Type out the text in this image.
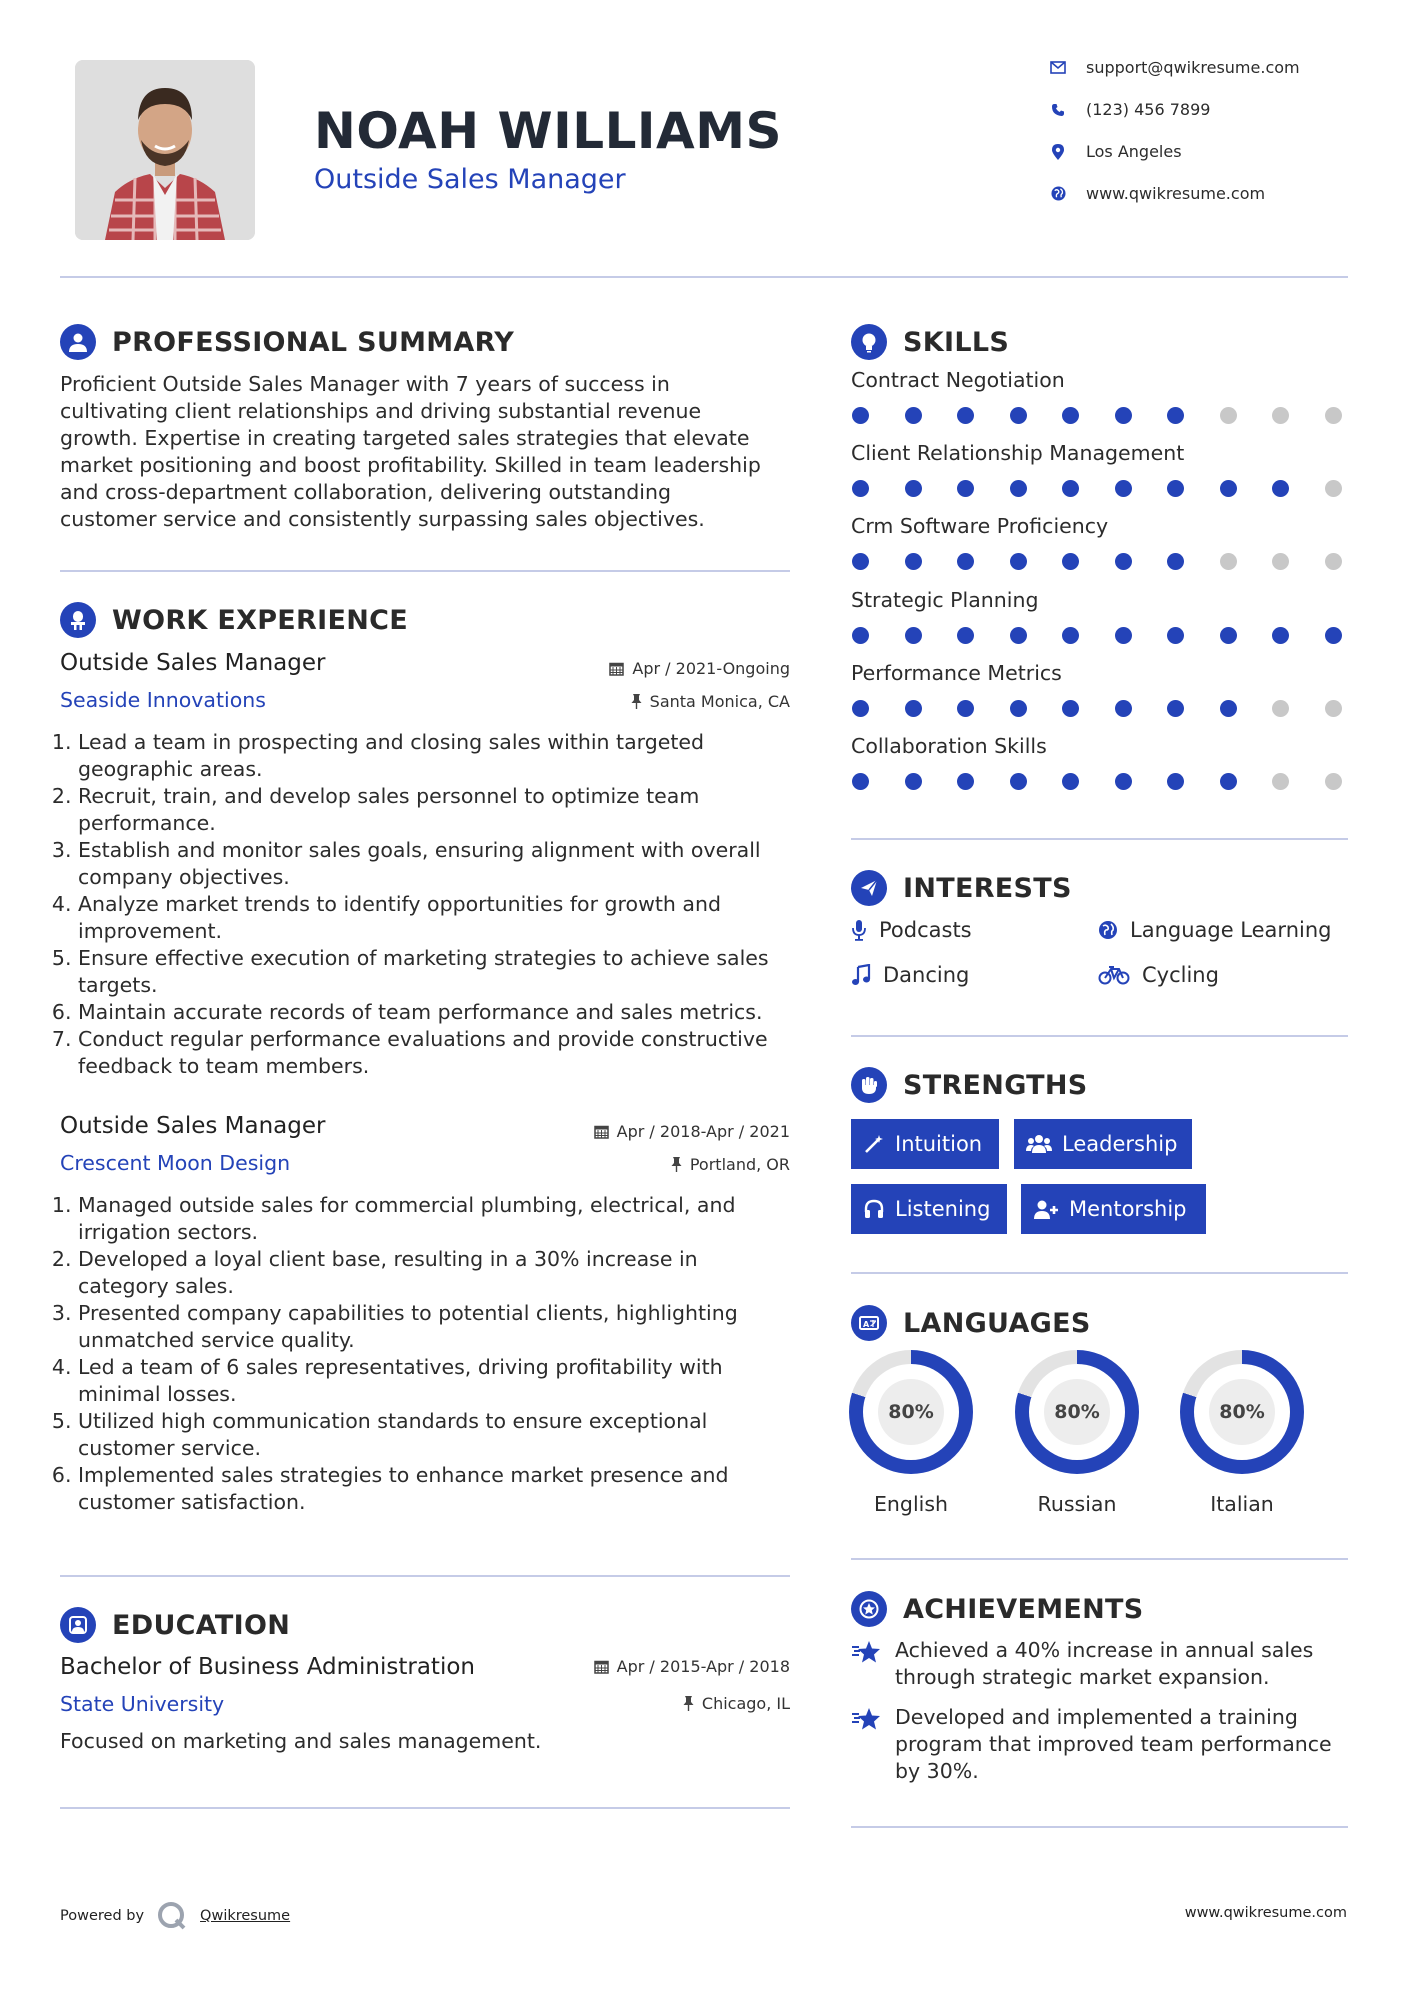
NOAH WILLIAMS
Outside Sales Manager
support@qwikresume.com
(123) 456 7899
Los Angeles
www.qwikresume.com
PROFESSIONAL SUMMARY
Proficient Outside Sales Manager with 7 years of success in
cultivating client relationships and driving substantial revenue
growth. Expertise in creating targeted sales strategies that elevate
market positioning and boost profitability. Skilled in team leadership
and cross-department collaboration, delivering outstanding
customer service and consistently surpassing sales objectives.
WORK EXPERIENCE
Outside Sales Manager	Apr / 2021-Ongoing
Seaside Innovations	Santa Monica, CA
1. Lead a team in prospecting and closing sales within targeted
geographic areas.
2. Recruit, train, and develop sales personnel to optimize team
performance.
3. Establish and monitor sales goals, ensuring alignment with overall
company objectives.
4. Analyze market trends to identify opportunities for growth and
improvement.
5. Ensure effective execution of marketing strategies to achieve sales
targets.
6. Maintain accurate records of team performance and sales metrics.
7. Conduct regular performance evaluations and provide constructive
feedback to team members.
Outside Sales Manager	Apr / 2018-Apr / 2021
Crescent Moon Design	Portland, OR
1. Managed outside sales for commercial plumbing, electrical, and
irrigation sectors.
2. Developed a loyal client base, resulting in a 30% increase in
category sales.
3. Presented company capabilities to potential clients, highlighting
unmatched service quality.
4. Led a team of 6 sales representatives, driving profitability with
minimal losses.
5. Utilized high communication standards to ensure exceptional
customer service.
6. Implemented sales strategies to enhance market presence and
customer satisfaction.
EDUCATION
Bachelor of Business Administration	Apr / 2015-Apr / 2018
State University	Chicago, IL
Focused on marketing and sales management.
SKILLS
Contract Negotiation
Client Relationship Management
Crm Software Proficiency
Strategic Planning
Performance Metrics
Collaboration Skills
INTERESTS
Podcasts	Language Learning
Dancing	Cycling
STRENGTHS
Intuition	Leadership
Listening	Mentorship
A LANGUAGES
80%
English
80%
Russian
80%
Italian
ACHIEVEMENTS
Achieved a 40% increase in annual sales
through strategic market expansion.
Developed and implemented a training
program that improved team performance
by 30%.
Powered by	Qwikresume	www.qwikresume.com
